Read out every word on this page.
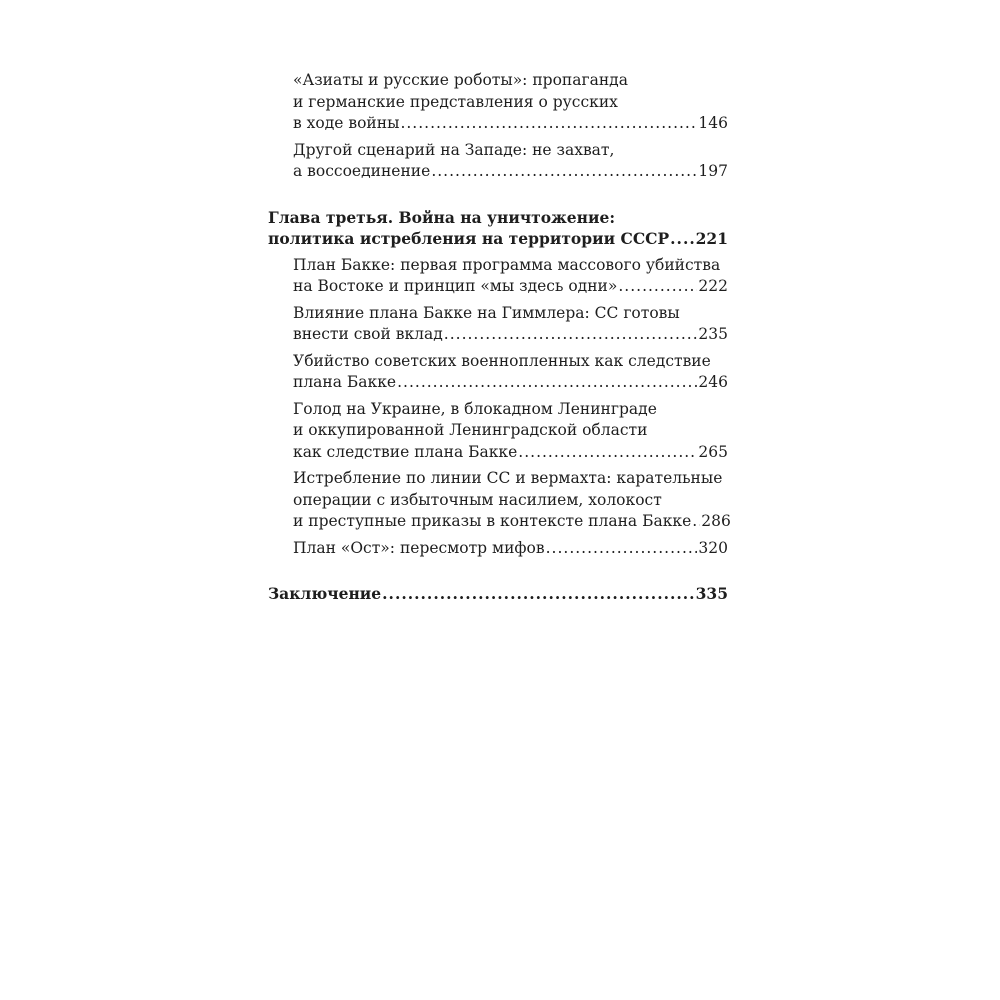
«Азиаты и русские роботы»: пропаганда
и германские представления о русских
в ходе войны .....	146
Другой сценарий на Западе: не захват,
а воссоединение .....	197
Глава третья. Война на уничтожение:
политика истребления на территории СССР ..... 221
План Бакке: первая программа массового убийства
на Востоке и принцип «мы здесь одни» .....	222
Влияние плана Бакке на Гиммлера: СС готовы
внести свой вклад .....	235
Убийство советских военнопленных как следствие
плана Бакке .....	246
Голод на Украине, в блокадном Ленинграде
и оккупированной Ленинградской области
как следствие плана Бакке .....	265
Истребление по линии СС и вермахта: карательные
операции с избыточным насилием, холокост
и преступные приказы в контексте плана Бакке ..... 286
План «Ост»: пересмотр мифов .....	320
Заключение .....	335
